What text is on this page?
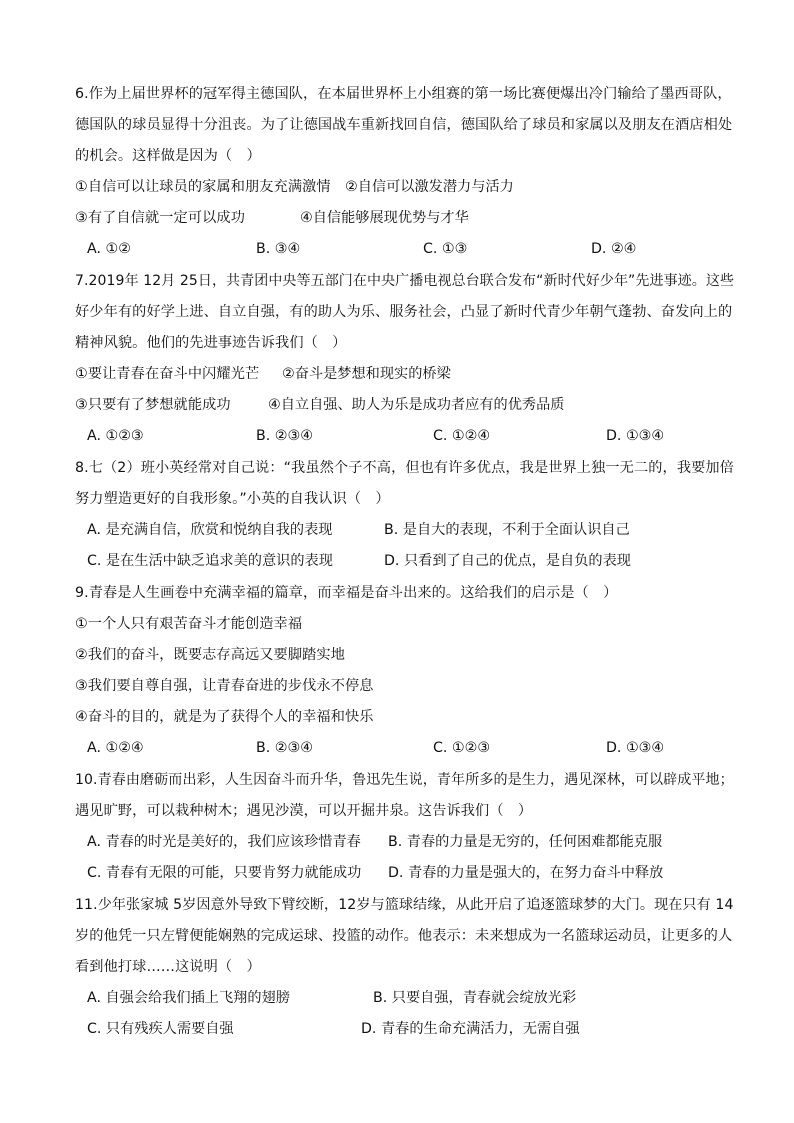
6.作为上届世界杯的冠军得主德国队，在本届世界杯上小组赛的第一场比赛便爆出冷门输给了墨西哥队，
德国队的球员显得十分沮丧。为了让德国战车重新找回自信，德国队给了球员和家属以及朋友在酒店相处
的机会。这样做是因为（　）
①自信可以让球员的家属和朋友充满激情 ②自信可以激发潜力与活力
③有了自信就一定可以成功	④自信能够展现优势与才华
A. ①②	B. ③④	C. ①③	D. ②④
7.2019年 12月 25日，共青团中央等五部门在中央广播电视总台联合发布“新时代好少年”先进事迹。这些
好少年有的好学上进、自立自强，有的助人为乐、服务社会，凸显了新时代青少年朝气蓬勃、奋发向上的
精神风貌。他们的先进事迹告诉我们（　）
①要让青春在奋斗中闪耀光芒 ②奋斗是梦想和现实的桥梁
③只要有了梦想就能成功	④自立自强、助人为乐是成功者应有的优秀品质
A. ①②③	B. ②③④	C. ①②④	D. ①③④
8.七（2）班小英经常对自己说：“我虽然个子不高，但也有许多优点，我是世界上独一无二的，我要加倍
努力塑造更好的自我形象。”小英的自我认识（　）
A. 是充满自信，欣赏和悦纳自我的表现	B. 是自大的表现，不利于全面认识自己
C. 是在生活中缺乏追求美的意识的表现	D. 只看到了自己的优点，是自负的表现
9.青春是人生画卷中充满幸福的篇章，而幸福是奋斗出来的。这给我们的启示是（　）
①一个人只有艰苦奋斗才能创造幸福
②我们的奋斗，既要志存高远又要脚踏实地
③我们要自尊自强，让青春奋进的步伐永不停息
④奋斗的目的，就是为了获得个人的幸福和快乐
A. ①②④	B. ②③④	C. ①②③	D. ①③④
10.青春由磨砺而出彩，人生因奋斗而升华，鲁迅先生说，青年所多的是生力，遇见深林，可以辟成平地；
遇见旷野，可以栽种树木；遇见沙漠，可以开掘井泉。这告诉我们（　）
A. 青春的时光是美好的，我们应该珍惜青春 B. 青春的力量是无穷的，任何困难都能克服
C. 青春有无限的可能，只要肯努力就能成功 D. 青春的力量是强大的，在努力奋斗中释放
11.少年张家城 5岁因意外导致下臂绞断，12岁与篮球结缘，从此开启了追逐篮球梦的大门。现在只有 14
岁的他凭一只左臂便能娴熟的完成运球、投篮的动作。他表示：未来想成为一名篮球运动员，让更多的人
看到他打球……这说明（　）
A. 自强会给我们插上飞翔的翅膀	B. 只要自强，青春就会绽放光彩
C. 只有残疾人需要自强	D. 青春的生命充满活力，无需自强
